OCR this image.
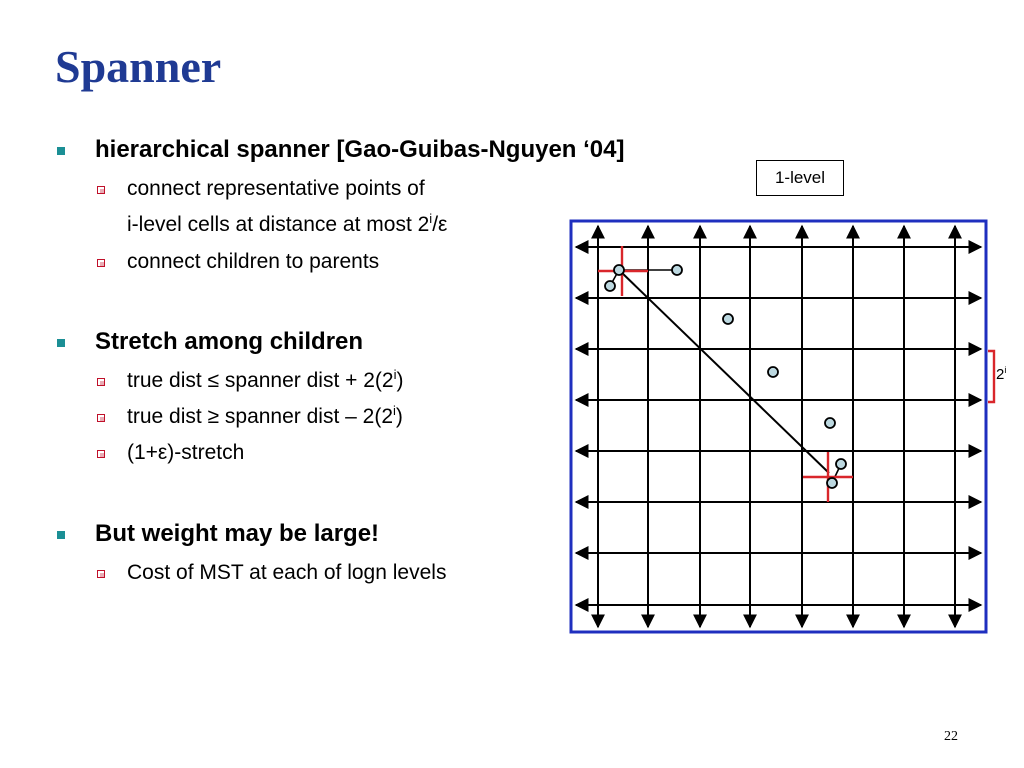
Spanner
hierarchical spanner [Gao-Guibas-Nguyen ‘04]
connect representative points of
i-level cells at distance at most 2$^i$/ε
connect children to parents
Stretch among children
true dist ≤ spanner dist + $2(2^i)$
true dist ≥ spanner dist – 2(2$^i$)
(1+ε)-stretch
But weight may be large!
Cost of MST at each of logn levels
1-level
2$^i$
22
